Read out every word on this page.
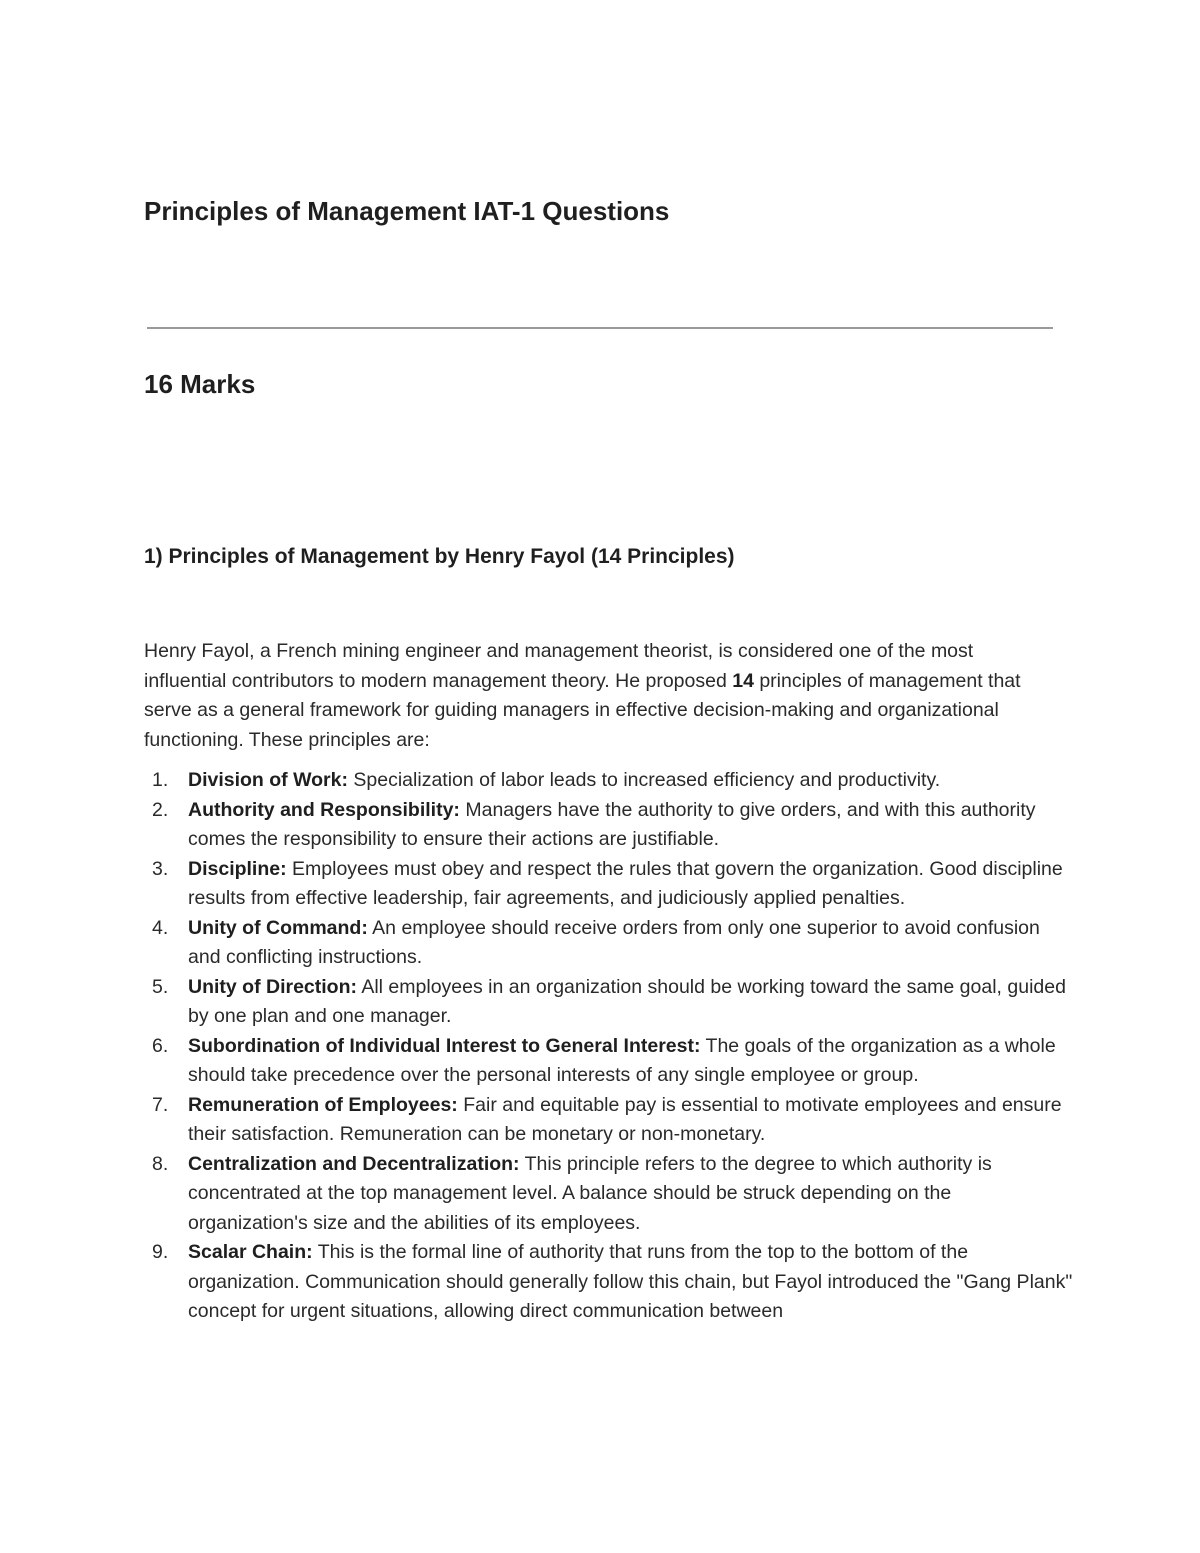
Principles of Management IAT-1 Questions
16 Marks
1) Principles of Management by Henry Fayol (14 Principles)

Henry Fayol, a French mining engineer and management theorist, is considered one of the most influential contributors to modern management theory. He proposed 14 principles of management that serve as a general framework for guiding managers in effective decision-making and organizational functioning. These principles are:

1.	Division of Work: Specialization of labor leads to increased efficiency and productivity.
2.	Authority and Responsibility: Managers have the authority to give orders, and with this authority comes the responsibility to ensure their actions are justifiable.
3.	Discipline: Employees must obey and respect the rules that govern the organization. Good discipline results from effective leadership, fair agreements, and judiciously applied penalties.
4.	Unity of Command: An employee should receive orders from only one superior to avoid confusion and conflicting instructions.
5.	Unity of Direction: All employees in an organization should be working toward the same goal, guided by one plan and one manager.
6.	Subordination of Individual Interest to General Interest: The goals of the organization as a whole should take precedence over the personal interests of any single employee or group.
7.	Remuneration of Employees: Fair and equitable pay is essential to motivate employees and ensure their satisfaction. Remuneration can be monetary or non-monetary.
8.	Centralization and Decentralization: This principle refers to the degree to which authority is concentrated at the top management level. A balance should be struck depending on the organization's size and the abilities of its employees.
9.	Scalar Chain: This is the formal line of authority that runs from the top to the bottom of the organization. Communication should generally follow this chain, but Fayol introduced the "Gang Plank" concept for urgent situations, allowing direct communication between
